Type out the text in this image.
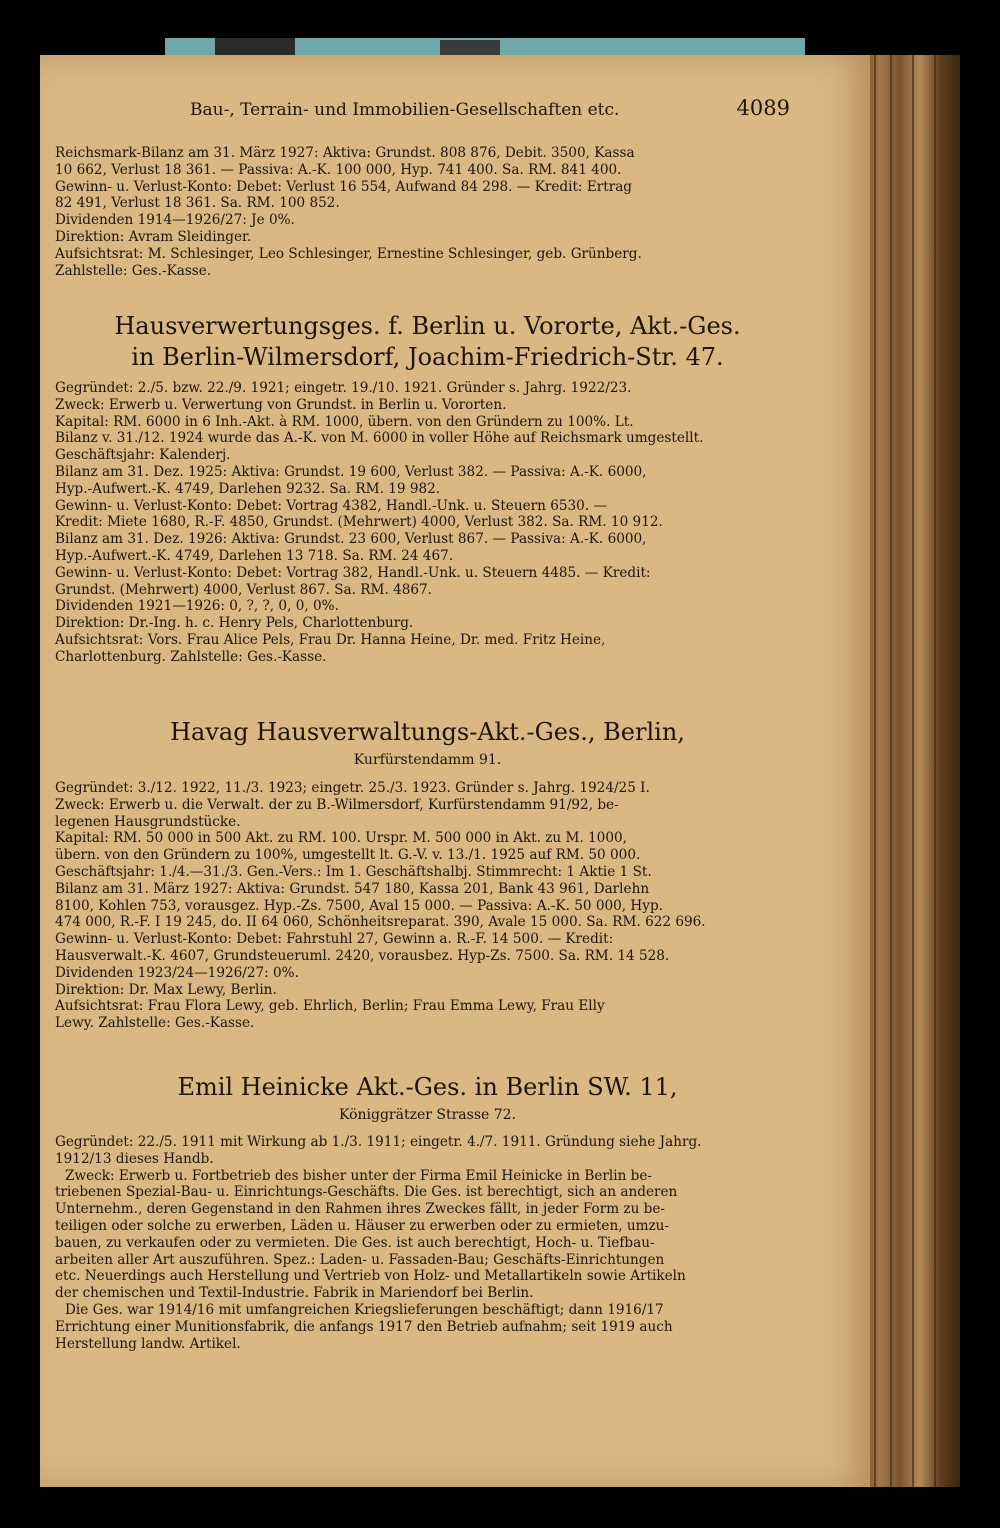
Bau-, Terrain- und Immobilien-Gesellschaften etc.	4089
Reichsmark-Bilanz am 31. März 1927: Aktiva: Grundst. 808 876, Debit. 3500, Kassa
10 662, Verlust 18 361. — Passiva: A.-K. 100 000, Hyp. 741 400. Sa. RM. 841 400.
Gewinn- u. Verlust-Konto: Debet: Verlust 16 554, Aufwand 84 298. — Kredit: Ertrag
82 491, Verlust 18 361. Sa. RM. 100 852.
Dividenden 1914—1926/27: Je 0%.
Direktion: Avram Sleidinger.
Aufsichtsrat: M. Schlesinger, Leo Schlesinger, Ernestine Schlesinger, geb. Grünberg.
Zahlstelle: Ges.-Kasse.
Hausverwertungsges. f. Berlin u. Vororte, Akt.-Ges.
in Berlin-Wilmersdorf, Joachim-Friedrich-Str. 47.
Gegründet: 2./5. bzw. 22./9. 1921; eingetr. 19./10. 1921. Gründer s. Jahrg. 1922/23.
Zweck: Erwerb u. Verwertung von Grundst. in Berlin u. Vororten.
Kapital: RM. 6000 in 6 Inh.-Akt. à RM. 1000, übern. von den Gründern zu 100%. Lt.
Bilanz v. 31./12. 1924 wurde das A.-K. von M. 6000 in voller Höhe auf Reichsmark umgestellt.
Geschäftsjahr: Kalenderj.
Bilanz am 31. Dez. 1925: Aktiva: Grundst. 19 600, Verlust 382. — Passiva: A.-K. 6000,
Hyp.-Aufwert.-K. 4749, Darlehen 9232. Sa. RM. 19 982.
Gewinn- u. Verlust-Konto: Debet: Vortrag 4382, Handl.-Unk. u. Steuern 6530. —
Kredit: Miete 1680, R.-F. 4850, Grundst. (Mehrwert) 4000, Verlust 382. Sa. RM. 10 912.
Bilanz am 31. Dez. 1926: Aktiva: Grundst. 23 600, Verlust 867. — Passiva: A.-K. 6000,
Hyp.-Aufwert.-K. 4749, Darlehen 13 718. Sa. RM. 24 467.
Gewinn- u. Verlust-Konto: Debet: Vortrag 382, Handl.-Unk. u. Steuern 4485. — Kredit:
Grundst. (Mehrwert) 4000, Verlust 867. Sa. RM. 4867.
Dividenden 1921—1926: 0, ?, ?, 0, 0, 0%.
Direktion: Dr.-Ing. h. c. Henry Pels, Charlottenburg.
Aufsichtsrat: Vors. Frau Alice Pels, Frau Dr. Hanna Heine, Dr. med. Fritz Heine,
Charlottenburg. Zahlstelle: Ges.-Kasse.
Havag Hausverwaltungs-Akt.-Ges., Berlin,
Kurfürstendamm 91.
Gegründet: 3./12. 1922, 11./3. 1923; eingetr. 25./3. 1923. Gründer s. Jahrg. 1924/25 I.
Zweck: Erwerb u. die Verwalt. der zu B.-Wilmersdorf, Kurfürstendamm 91/92, be-
legenen Hausgrundstücke.
Kapital: RM. 50 000 in 500 Akt. zu RM. 100. Urspr. M. 500 000 in Akt. zu M. 1000,
übern. von den Gründern zu 100%, umgestellt lt. G.-V. v. 13./1. 1925 auf RM. 50 000.
Geschäftsjahr: 1./4.—31./3. Gen.-Vers.: Im 1. Geschäftshalbj. Stimmrecht: 1 Aktie 1 St.
Bilanz am 31. März 1927: Aktiva: Grundst. 547 180, Kassa 201, Bank 43 961, Darlehn
8100, Kohlen 753, vorausgez. Hyp.-Zs. 7500, Aval 15 000. — Passiva: A.-K. 50 000, Hyp.
474 000, R.-F. I 19 245, do. II 64 060, Schönheitsreparat. 390, Avale 15 000. Sa. RM. 622 696.
Gewinn- u. Verlust-Konto: Debet: Fahrstuhl 27, Gewinn a. R.-F. 14 500. — Kredit:
Hausverwalt.-K. 4607, Grundsteueruml. 2420, vorausbez. Hyp-Zs. 7500. Sa. RM. 14 528.
Dividenden 1923/24—1926/27: 0%.
Direktion: Dr. Max Lewy, Berlin.
Aufsichtsrat: Frau Flora Lewy, geb. Ehrlich, Berlin; Frau Emma Lewy, Frau Elly
Lewy. Zahlstelle: Ges.-Kasse.
Emil Heinicke Akt.-Ges. in Berlin SW. 11,
Königgrätzer Strasse 72.
Gegründet: 22./5. 1911 mit Wirkung ab 1./3. 1911; eingetr. 4./7. 1911. Gründung siehe Jahrg.
1912/13 dieses Handb.
Zweck: Erwerb u. Fortbetrieb des bisher unter der Firma Emil Heinicke in Berlin be-
triebenen Spezial-Bau- u. Einrichtungs-Geschäfts. Die Ges. ist berechtigt, sich an anderen
Unternehm., deren Gegenstand in den Rahmen ihres Zweckes fällt, in jeder Form zu be-
teiligen oder solche zu erwerben, Läden u. Häuser zu erwerben oder zu ermieten, umzu-
bauen, zu verkaufen oder zu vermieten. Die Ges. ist auch berechtigt, Hoch- u. Tiefbau-
arbeiten aller Art auszuführen. Spez.: Laden- u. Fassaden-Bau; Geschäfts-Einrichtungen
etc. Neuerdings auch Herstellung und Vertrieb von Holz- und Metallartikeln sowie Artikeln
der chemischen und Textil-Industrie. Fabrik in Mariendorf bei Berlin.
Die Ges. war 1914/16 mit umfangreichen Kriegslieferungen beschäftigt; dann 1916/17
Errichtung einer Munitionsfabrik, die anfangs 1917 den Betrieb aufnahm; seit 1919 auch
Herstellung landw. Artikel.
